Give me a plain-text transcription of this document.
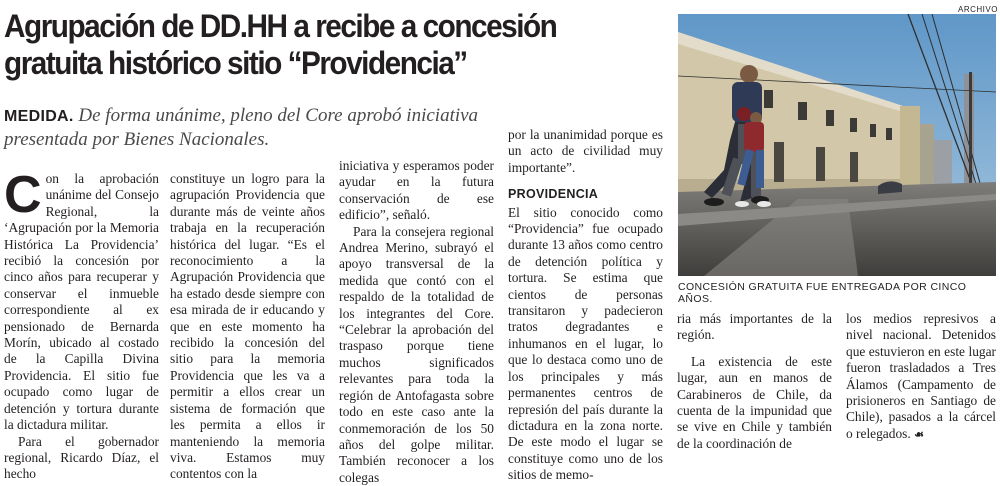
Agrupación de DD.HH a recibe a concesión gratuita histórico sitio “Providencia”

MEDIDA. De forma unánime, pleno del Core aprobó iniciativa presentada por Bienes Nacionales.

C on la aprobación unánime del Consejo Regional, la ‘Agrupación por la Memoria Histórica La Providencia’ recibió la concesión por cinco años para recuperar y conservar el inmueble correspondiente al ex pensionado de Bernarda Morín, ubicado al costado de la Capilla Divina Providencia. El sitio fue ocupado como lugar de detención y tortura durante la dictadura militar.

Para el gobernador regional, Ricardo Díaz, el hecho

constituye un logro para la agrupación Providencia que durante más de veinte años trabaja en la recuperación histórica del lugar. “Es el reconocimiento a la Agrupación Providencia que ha estado desde siempre con esa mirada de ir educando y que en este momento ha recibido la concesión del sitio para la memoria Providencia que les va a permitir a ellos crear un sistema de formación que les permita a ellos ir manteniendo la memoria viva. Estamos muy contentos con la

iniciativa y esperamos poder ayudar en la futura conservación de ese edificio”, señaló.

Para la consejera regional Andrea Merino, subrayó el apoyo transversal de la medida que contó con el respaldo de la totalidad de los integrantes del Core. “Celebrar la aprobación del traspaso porque tiene muchos significados relevantes para toda la región de Antofagasta sobre todo en este caso ante la conmemoración de los 50 años del golpe militar. También reconocer a los colegas

por la unanimidad porque es un acto de civilidad muy importante”.

PROVIDENCIA

El sitio conocido como “Providencia” fue ocupado durante 13 años como centro de detención política y tortura. Se estima que cientos de personas transitaron y padecieron tratos degradantes e inhumanos en el lugar, lo que lo destaca como uno de los principales y más permanentes centros de represión del país durante la dictadura en la zona norte. De este modo el lugar se constituye como uno de los sitios de memo-

ARCHIVO
CONCESIÓN GRATUITA FUE ENTREGADA POR CINCO AÑOS.

ria más importantes de la región.

La existencia de este lugar, aun en manos de Carabineros de Chile, da cuenta de la impunidad que se vive en Chile y también de la coordinación de

los medios represivos a nivel nacional. Detenidos que estuvieron en este lugar fueron trasladados a Tres Álamos (Campamento de prisioneros en Santiago de Chile), pasados a la cárcel o relegados. ☙
